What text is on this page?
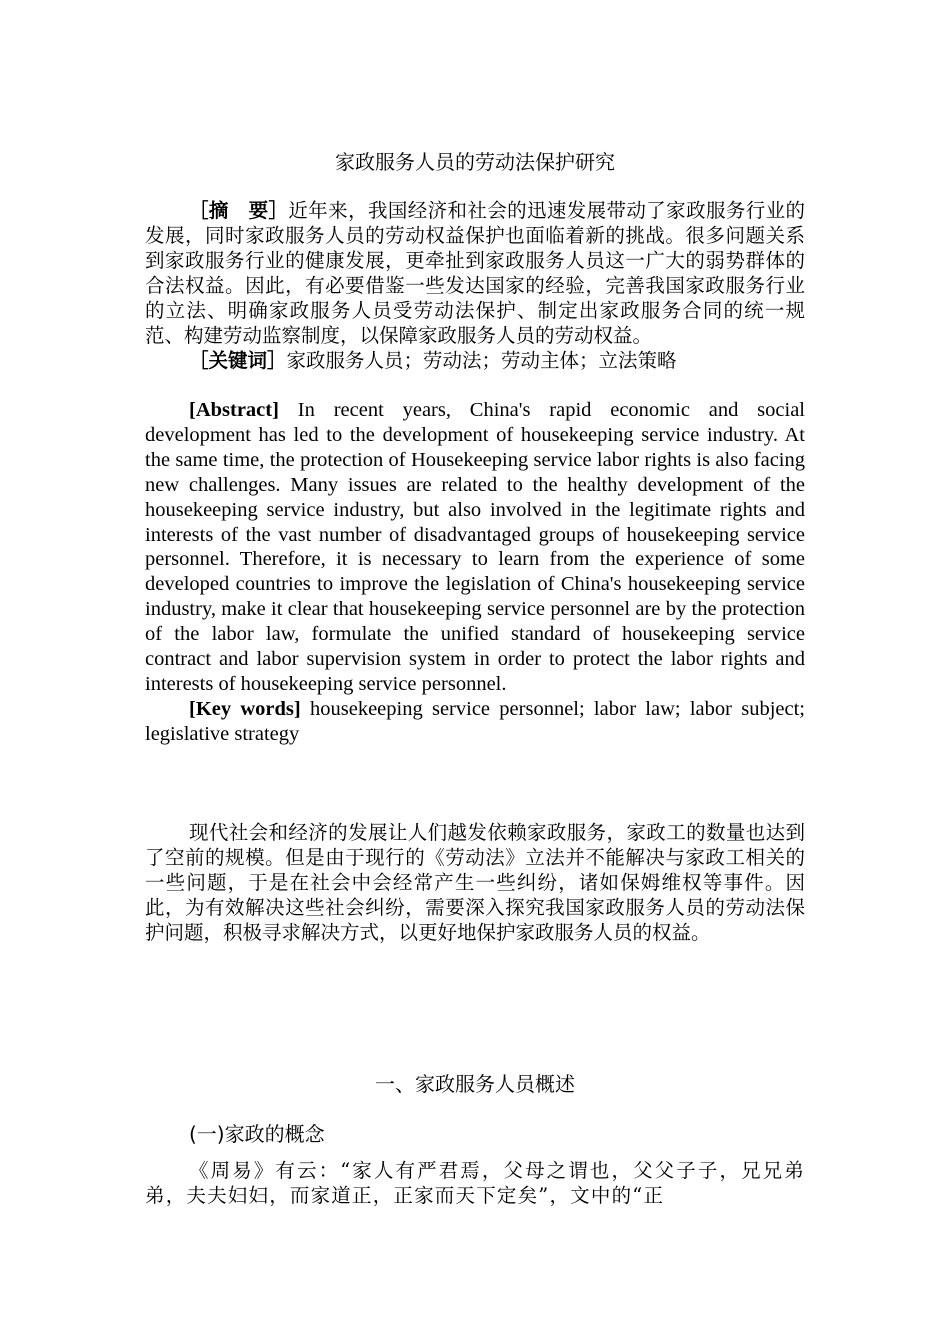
家政服务人员的劳动法保护研究

［摘　要］近年来，我国经济和社会的迅速发展带动了家政服务行业的发展，同时家政服务人员的劳动权益保护也面临着新的挑战。很多问题关系到家政服务行业的健康发展，更牵扯到家政服务人员这一广大的弱势群体的合法权益。因此，有必要借鉴一些发达国家的经验，完善我国家政服务行业的立法、明确家政服务人员受劳动法保护、制定出家政服务合同的统一规范、构建劳动监察制度，以保障家政服务人员的劳动权益。

［关键词］家政服务人员；劳动法；劳动主体；立法策略

[Abstract] In recent years, China's rapid economic and social development has led to the development of housekeeping service industry. At the same time, the protection of Housekeeping service labor rights is also facing new challenges. Many issues are related to the healthy development of the housekeeping service industry, but also involved in the legitimate rights and interests of the vast number of disadvantaged groups of housekeeping service personnel. Therefore, it is necessary to learn from the experience of some developed countries to improve the legislation of China's housekeeping service industry, make it clear that housekeeping service personnel are by the protection of the labor law, formulate the unified standard of housekeeping service contract and labor supervision system in order to protect the labor rights and interests of housekeeping service personnel.

[Key words] housekeeping service personnel; labor law; labor subject; legislative strategy

现代社会和经济的发展让人们越发依赖家政服务，家政工的数量也达到了空前的规模。但是由于现行的《劳动法》立法并不能解决与家政工相关的一些问题，于是在社会中会经常产生一些纠纷，诸如保姆维权等事件。因此，为有效解决这些社会纠纷，需要深入探究我国家政服务人员的劳动法保护问题，积极寻求解决方式，以更好地保护家政服务人员的权益。

一、家政服务人员概述
(一)家政的概念

《周易》有云：“家人有严君焉，父母之谓也，父父子子，兄兄弟弟，夫夫妇妇，而家道正，正家而天下定矣”，文中的“正
